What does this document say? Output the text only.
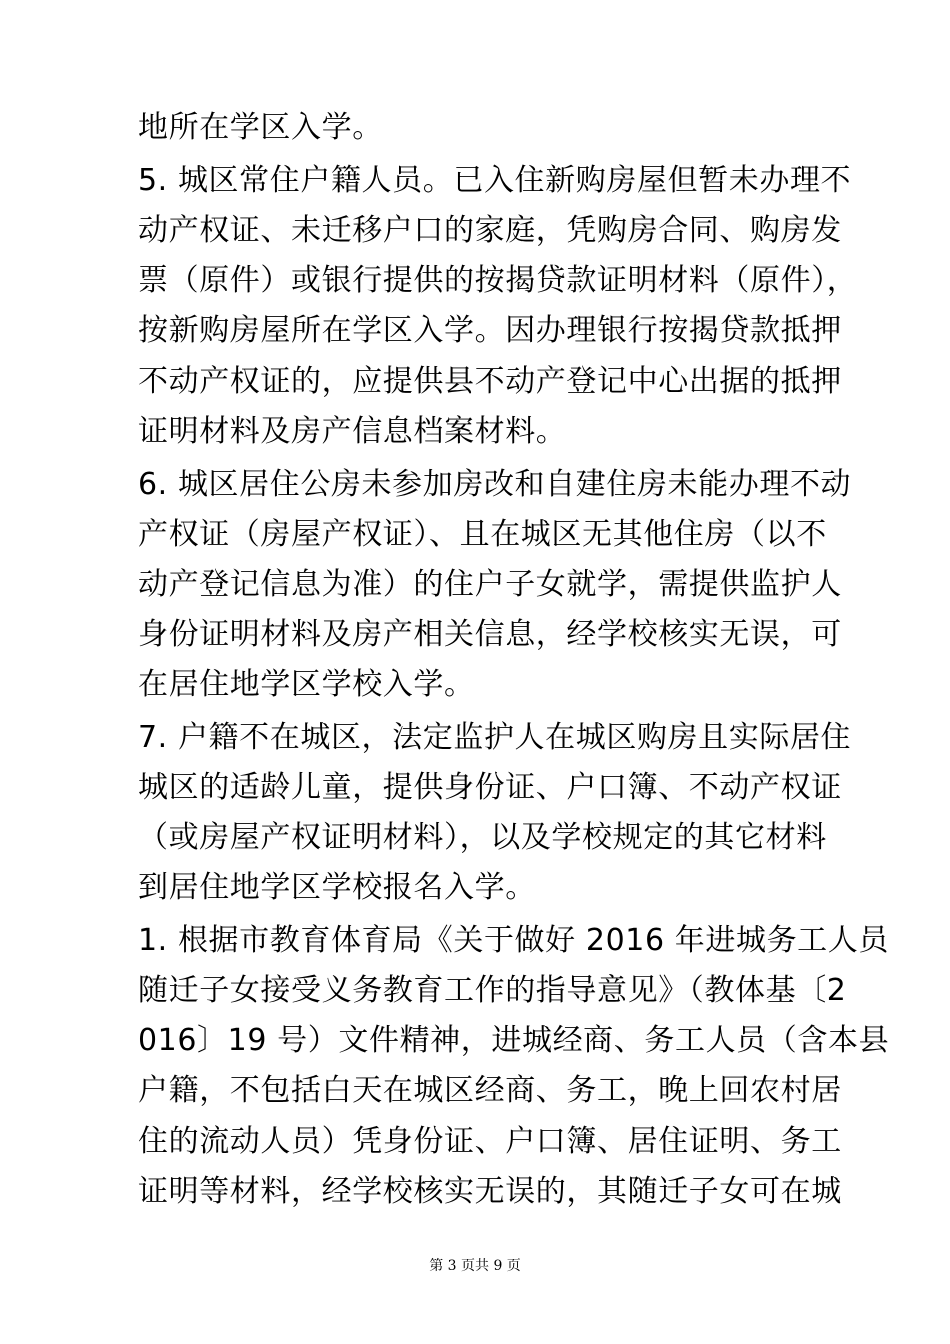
地所在学区入学。
5. 城区常住户籍人员。已入住新购房屋但暂未办理不
动产权证、未迁移户口的家庭，凭购房合同、购房发
票（原件）或银行提供的按揭贷款证明材料（原件），
按新购房屋所在学区入学。因办理银行按揭贷款抵押
不动产权证的，应提供县不动产登记中心出据的抵押
证明材料及房产信息档案材料。
6. 城区居住公房未参加房改和自建住房未能办理不动
产权证（房屋产权证）、且在城区无其他住房（以不
动产登记信息为准）的住户子女就学，需提供监护人
身份证明材料及房产相关信息，经学校核实无误，可
在居住地学区学校入学。
7. 户籍不在城区，法定监护人在城区购房且实际居住
城区的适龄儿童，提供身份证、户口簿、不动产权证
（或房屋产权证明材料），以及学校规定的其它材料
到居住地学区学校报名入学。
1. 根据市教育体育局《关于做好 2016 年进城务工人员
随迁子女接受义务教育工作的指导意见》（教体基〔2
016〕19 号）文件精神，进城经商、务工人员（含本县
户籍，不包括白天在城区经商、务工，晚上回农村居
住的流动人员）凭身份证、户口簿、居住证明、务工
证明等材料，经学校核实无误的，其随迁子女可在城
第 3 页共 9 页
